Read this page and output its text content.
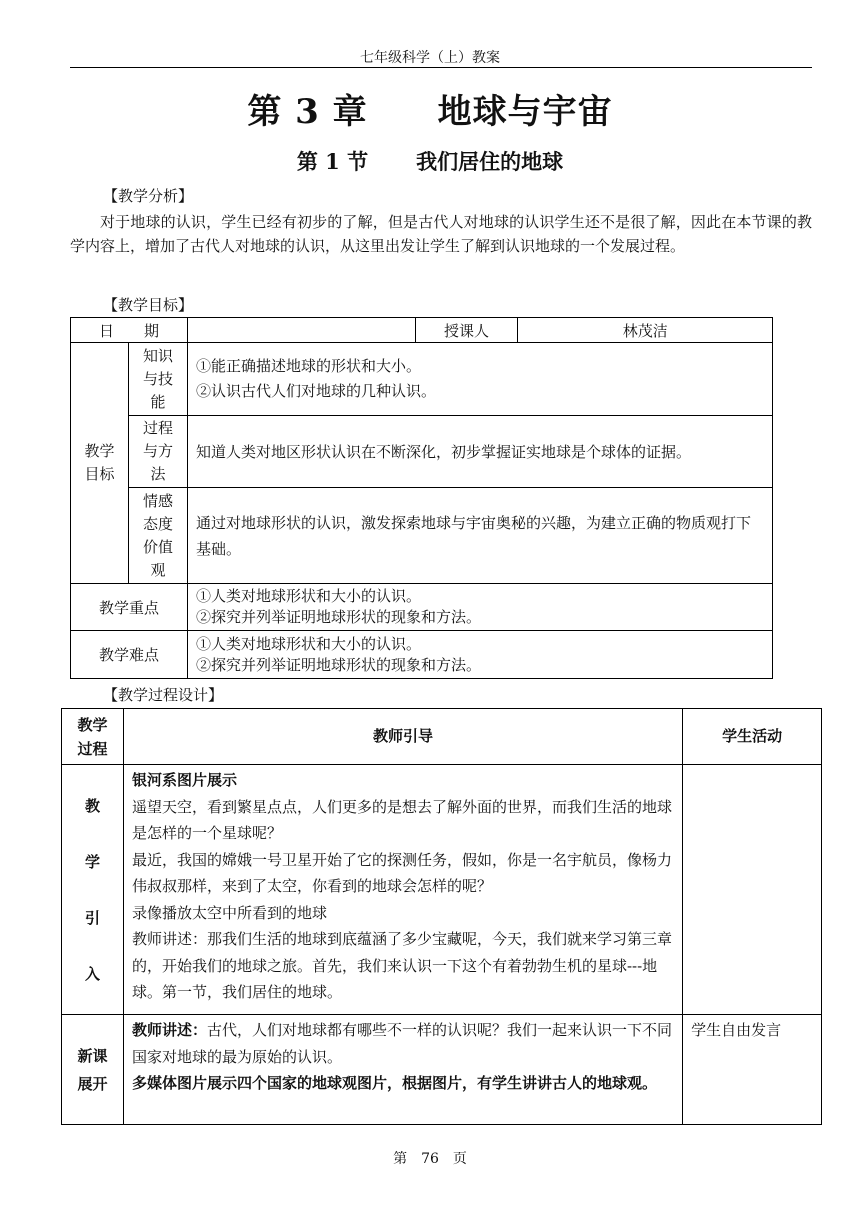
七年级科学（上）教案
第 3 章 地球与宇宙
第 1 节 我们居住的地球
【教学分析】
对于地球的认识，学生已经有初步的了解，但是古代人对地球的认识学生还不是很了解，因此在本节课的教学内容上，增加了古代人对地球的认识，从这里出发让学生了解到认识地球的一个发展过程。
【教学目标】
日　　期			授课人	林茂洁
教学目标	知识与技能	①能正确描述地球的形状和大小。
②认识古代人们对地球的几种认识。		

	过程与方法	知道人类对地区形状认识在不断深化，初步掌握证实地球是个球体的证据。		
	情感态度价值观	通过对地球形状的认识，激发探索地球与宇宙奥秘的兴趣，为建立正确的物质观打下基础。		
教学重点		①人类对地球形状和大小的认识。
②探究并列举证明地球形状的现象和方法。		

教学难点		①人类对地球形状和大小的认识。
②探究并列举证明地球形状的现象和方法。		
【教学过程设计】
教学过程	教师引导	学生活动
教学引入	银河系图片展示
遥望天空，看到繁星点点，人们更多的是想去了解外面的世界，而我们生活的地球是怎样的一个星球呢？
最近，我国的嫦娥一号卫星开始了它的探测任务，假如，你是一名宇航员，像杨力伟叔叔那样，来到了太空，你看到的地球会怎样的呢？
录像播放太空中所看到的地球
教师讲述：那我们生活的地球到底蕴涵了多少宝藏呢，今天，我们就来学习第三章的，开始我们的地球之旅。首先，我们来认识一下这个有着勃勃生机的星球---地球。第一节，我们居住的地球。	

新课展开	教师讲述：古代，人们对地球都有哪些不一样的认识呢？我们一起来认识一下不同国家对地球的最为原始的认识。
多媒体图片展示四个国家的地球观图片，根据图片，有学生讲讲古人的地球观。	学生自由发言
第　76　页
